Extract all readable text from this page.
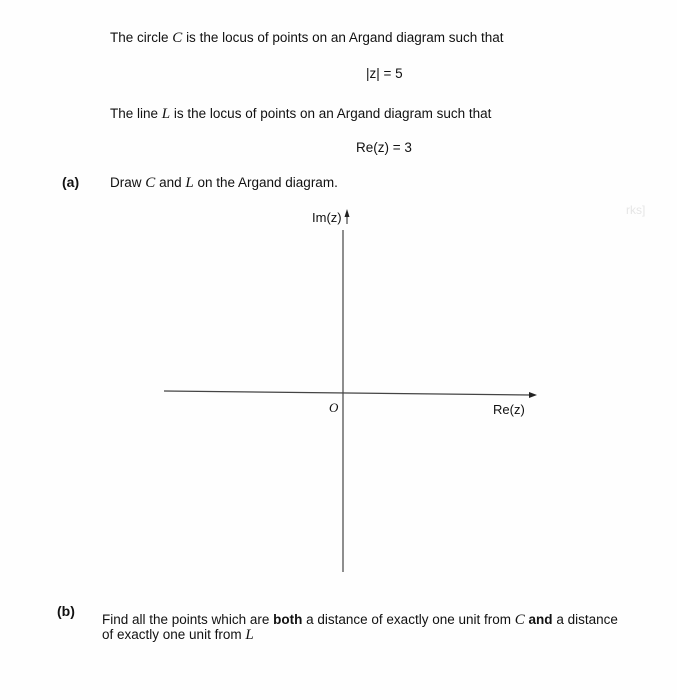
rks]
The circle C is the locus of points on an Argand diagram such that
|z| = 5
The line L is the locus of points on an Argand diagram such that
Re(z) = 3
(a) Draw C and L on the Argand diagram.
Im(z)
Re(z)
O
(b)
Find all the points which are both a distance of exactly one unit from C and a distance
of exactly one unit from L
